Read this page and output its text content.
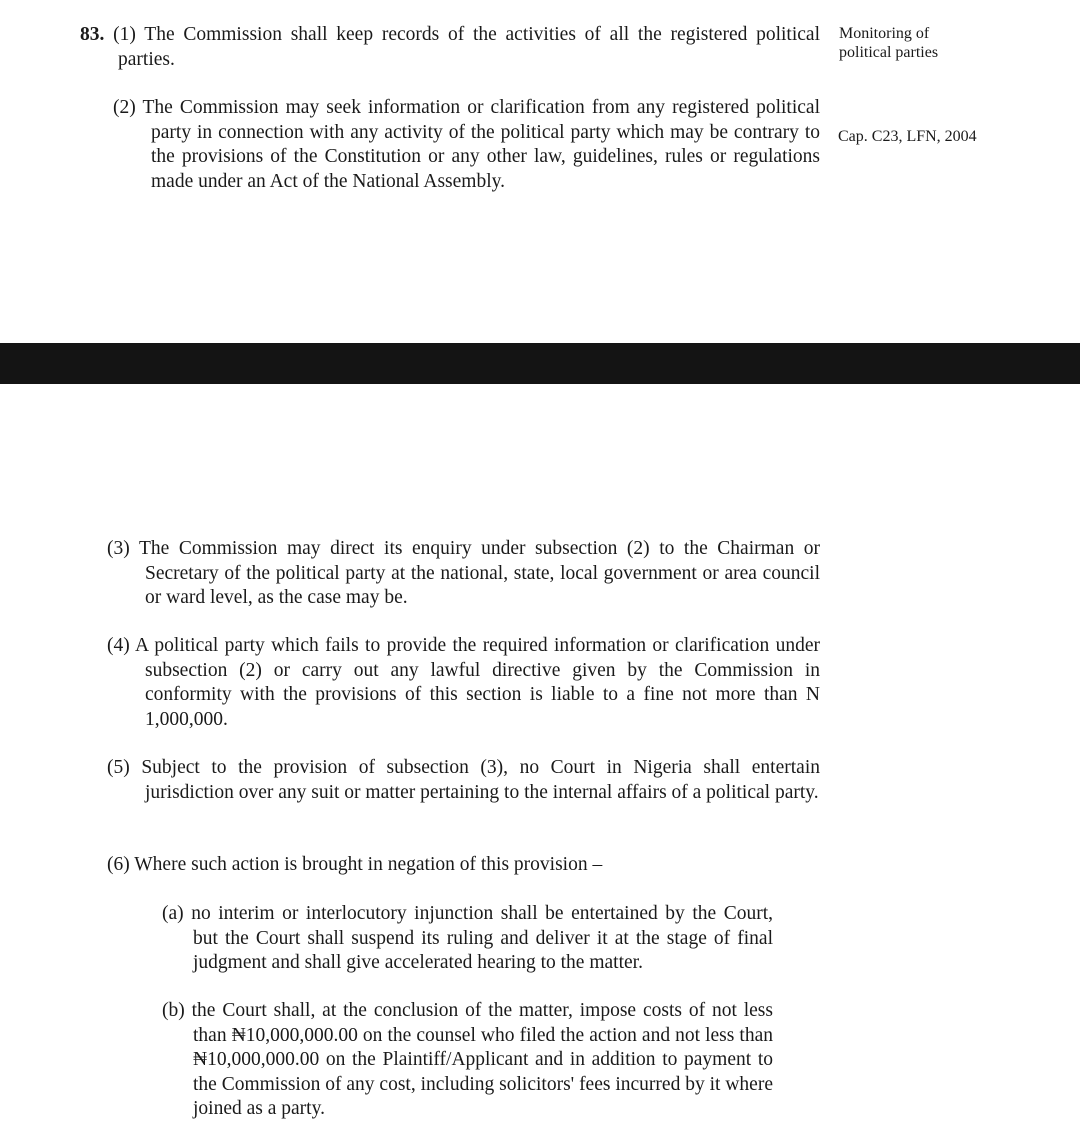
83. (1) The Commission shall keep records of the activities of all the registered political parties.

Monitoring of political parties

(2) The Commission may seek information or clarification from any registered political party in connection with any activity of the political party which may be contrary to the provisions of the Constitution or any other law, guidelines, rules or regulations made under an Act of the National Assembly.

Cap. C23, LFN, 2004

(3) The Commission may direct its enquiry under subsection (2) to the Chairman or Secretary of the political party at the national, state, local government or area council or ward level, as the case may be.

(4) A political party which fails to provide the required information or clarification under subsection (2) or carry out any lawful directive given by the Commission in conformity with the provisions of this section is liable to a fine not more than N 1,000,000.

(5) Subject to the provision of subsection (3), no Court in Nigeria shall entertain jurisdiction over any suit or matter pertaining to the internal affairs of a political party.

(6) Where such action is brought in negation of this provision –

(a) no interim or interlocutory injunction shall be entertained by the Court, but the Court shall suspend its ruling and deliver it at the stage of final judgment and shall give accelerated hearing to the matter.

(b) the Court shall, at the conclusion of the matter, impose costs of not less than ₦10,000,000.00 on the counsel who filed the action and not less than ₦10,000,000.00 on the Plaintiff/Applicant and in addition to payment to the Commission of any cost, including solicitors' fees incurred by it where joined as a party.
